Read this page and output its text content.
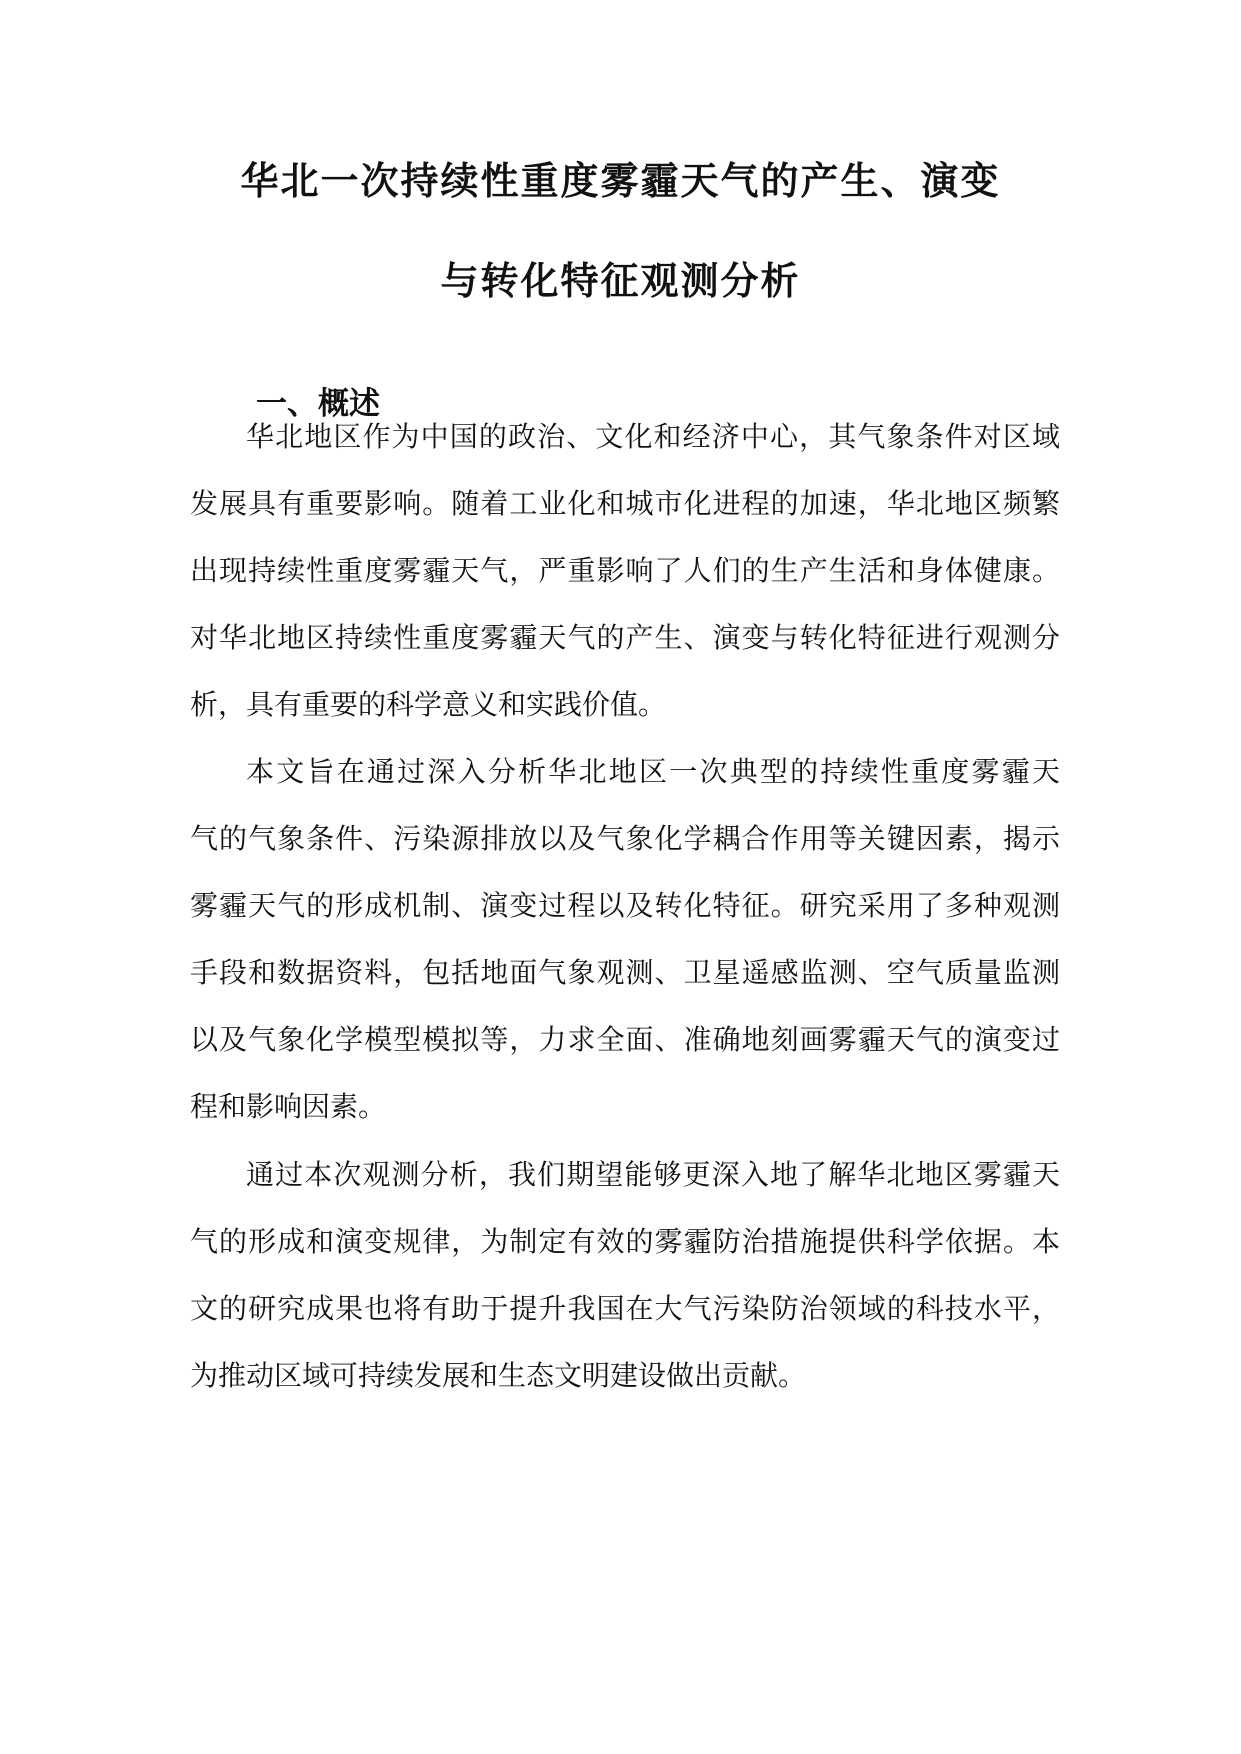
华北一次持续性重度雾霾天气的产生、演变
与转化特征观测分析
一、概述
华北地区作为中国的政治、文化和经济中心，其气象条件对区域
发展具有重要影响。随着工业化和城市化进程的加速，华北地区频繁
出现持续性重度雾霾天气，严重影响了人们的生产生活和身体健康。
对华北地区持续性重度雾霾天气的产生、演变与转化特征进行观测分
析，具有重要的科学意义和实践价值。
本文旨在通过深入分析华北地区一次典型的持续性重度雾霾天
气的气象条件、污染源排放以及气象化学耦合作用等关键因素，揭示
雾霾天气的形成机制、演变过程以及转化特征。研究采用了多种观测
手段和数据资料，包括地面气象观测、卫星遥感监测、空气质量监测
以及气象化学模型模拟等，力求全面、准确地刻画雾霾天气的演变过
程和影响因素。
通过本次观测分析，我们期望能够更深入地了解华北地区雾霾天
气的形成和演变规律，为制定有效的雾霾防治措施提供科学依据。本
文的研究成果也将有助于提升我国在大气污染防治领域的科技水平，
为推动区域可持续发展和生态文明建设做出贡献。
